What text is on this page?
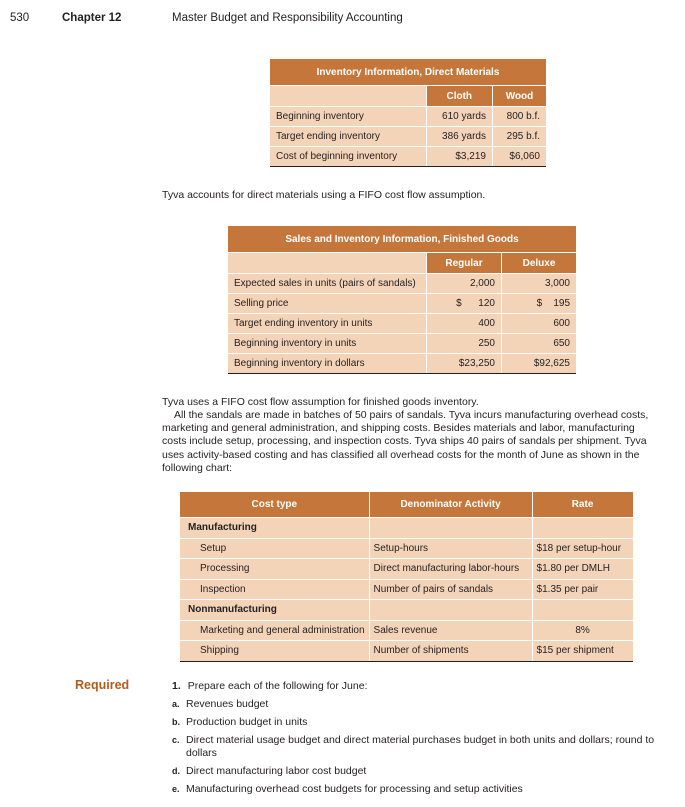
530	Chapter 12	Master Budget and Responsibility Accounting
Inventory Information, Direct Materials		
	Cloth	Wood
Beginning inventory	610 yards	800 b.f.
Target ending inventory	386 yards	295 b.f.
Cost of beginning inventory	$3,219	$6,060
Tyva accounts for direct materials using a FIFO cost flow assumption.
Sales and Inventory Information, Finished Goods		
	Regular	Deluxe
Expected sales in units (pairs of sandals)	2,000	3,000
Selling price	$      120	$    195
Target ending inventory in units	400	600
Beginning inventory in units	250	650
Beginning inventory in dollars	$23,250	$92,625
Tyva uses a FIFO cost flow assumption for finished goods inventory.
All the sandals are made in batches of 50 pairs of sandals. Tyva incurs manufacturing overhead costs, marketing and general administration, and shipping costs. Besides materials and labor, manufacturing costs include setup, processing, and inspection costs. Tyva ships 40 pairs of sandals per shipment. Tyva uses activity-based costing and has classified all overhead costs for the month of June as shown in the following chart:
Cost type	Denominator Activity	Rate
Manufacturing		
Setup	Setup-hours	$18 per setup-hour
Processing	Direct manufacturing labor-hours	$1.80 per DMLH
Inspection	Number of pairs of sandals	$1.35 per pair
Nonmanufacturing		
Marketing and general administration	Sales revenue	8%
Shipping	Number of shipments	$15 per shipment
Required	1. Prepare each of the following for June:
a. Revenues budget
b. Production budget in units
c. Direct material usage budget and direct material purchases budget in both units and dollars; round to dollars
d. Direct manufacturing labor cost budget
e. Manufacturing overhead cost budgets for processing and setup activities
